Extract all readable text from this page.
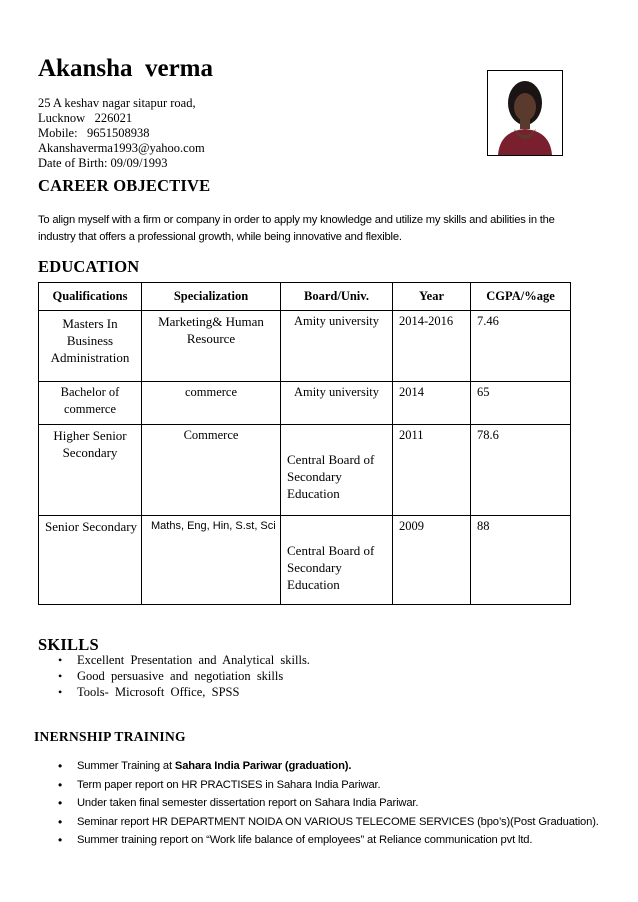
Akansha  verma
25 A keshav nagar sitapur road,
Lucknow   226021
Mobile:   9651508938
Akanshaverma1993@yahoo.com
Date of Birth: 09/09/1993
CAREER OBJECTIVE
To align myself with a firm or company in order to apply my knowledge and utilize my skills and abilities in the industry that offers a professional growth, while being innovative and flexible.
EDUCATION
Qualifications	Specialization	Board/Univ.	Year	CGPA/%age

Masters In Business Administration	Marketing& Human Resource	Amity university	2014-2016	7.46

Bachelor of commerce	commerce	Amity university	2014	65

Higher Senior Secondary	Commerce	Central Board of Secondary Education	2011	78.6

Senior Secondary	Maths, Eng, Hin, S.st, Sci	Central Board of Secondary Education	2009	88
SKILLS
• Excellent  Presentation  and  Analytical  skills.
• Good  persuasive  and  negotiation  skills
• Tools-  Microsoft  Office,  SPSS
INERNSHIP TRAINING
• Summer Training at Sahara India Pariwar (graduation).
• Term paper report on HR PRACTISES in Sahara India Pariwar.
• Under taken final semester dissertation report on Sahara India Pariwar.
• Seminar report HR DEPARTMENT NOIDA ON VARIOUS TELECOME SERVICES (bpo’s)(Post Graduation).
• Summer training report on “Work life balance of employees” at Reliance communication pvt ltd.
